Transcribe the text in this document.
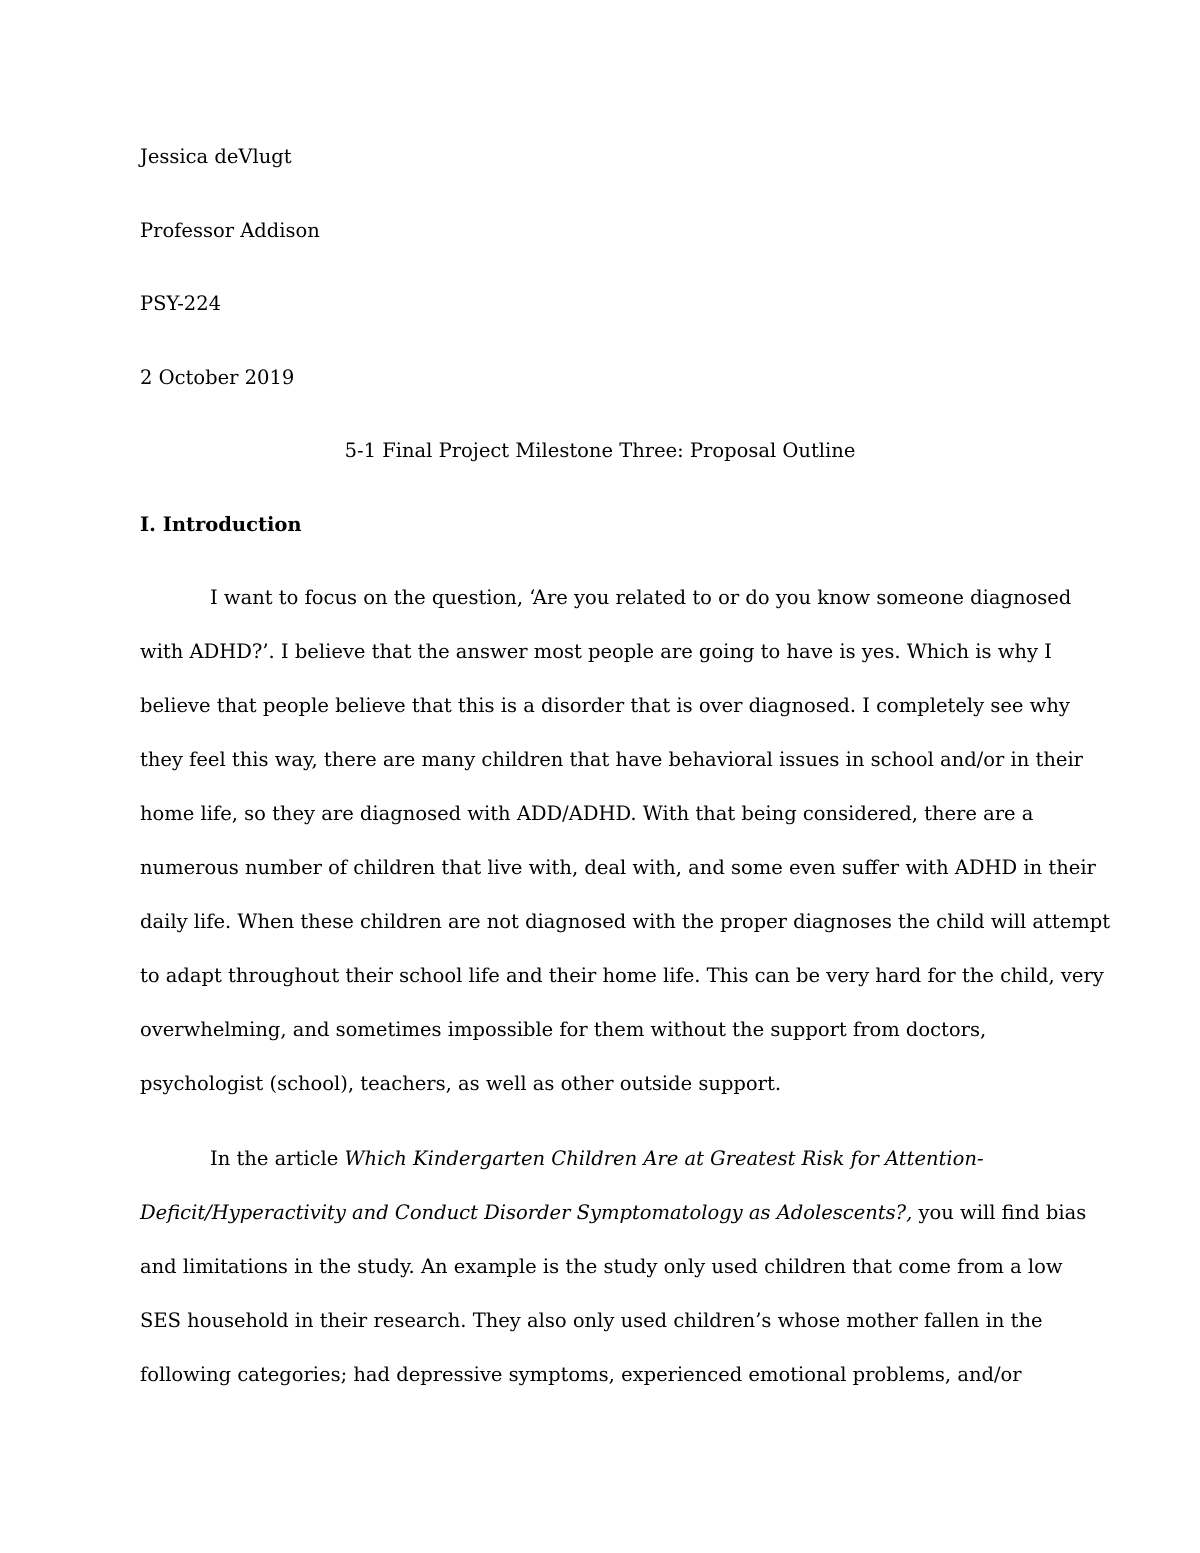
Jessica deVlugt
Professor Addison
PSY-224
2 October 2019
5-1 Final Project Milestone Three: Proposal Outline
I. Introduction
I want to focus on the question, ‘Are you related to or do you know someone diagnosed
with ADHD?’. I believe that the answer most people are going to have is yes. Which is why I
believe that people believe that this is a disorder that is over diagnosed. I completely see why
they feel this way, there are many children that have behavioral issues in school and/or in their
home life, so they are diagnosed with ADD/ADHD. With that being considered, there are a
numerous number of children that live with, deal with, and some even suffer with ADHD in their
daily life. When these children are not diagnosed with the proper diagnoses the child will attempt
to adapt throughout their school life and their home life. This can be very hard for the child, very
overwhelming, and sometimes impossible for them without the support from doctors,
psychologist (school), teachers, as well as other outside support.
In the article Which Kindergarten Children Are at Greatest Risk for Attention-
Deficit/Hyperactivity and Conduct Disorder Symptomatology as Adolescents?, you will find bias
and limitations in the study. An example is the study only used children that come from a low
SES household in their research. They also only used children’s whose mother fallen in the
following categories; had depressive symptoms, experienced emotional problems, and/or
